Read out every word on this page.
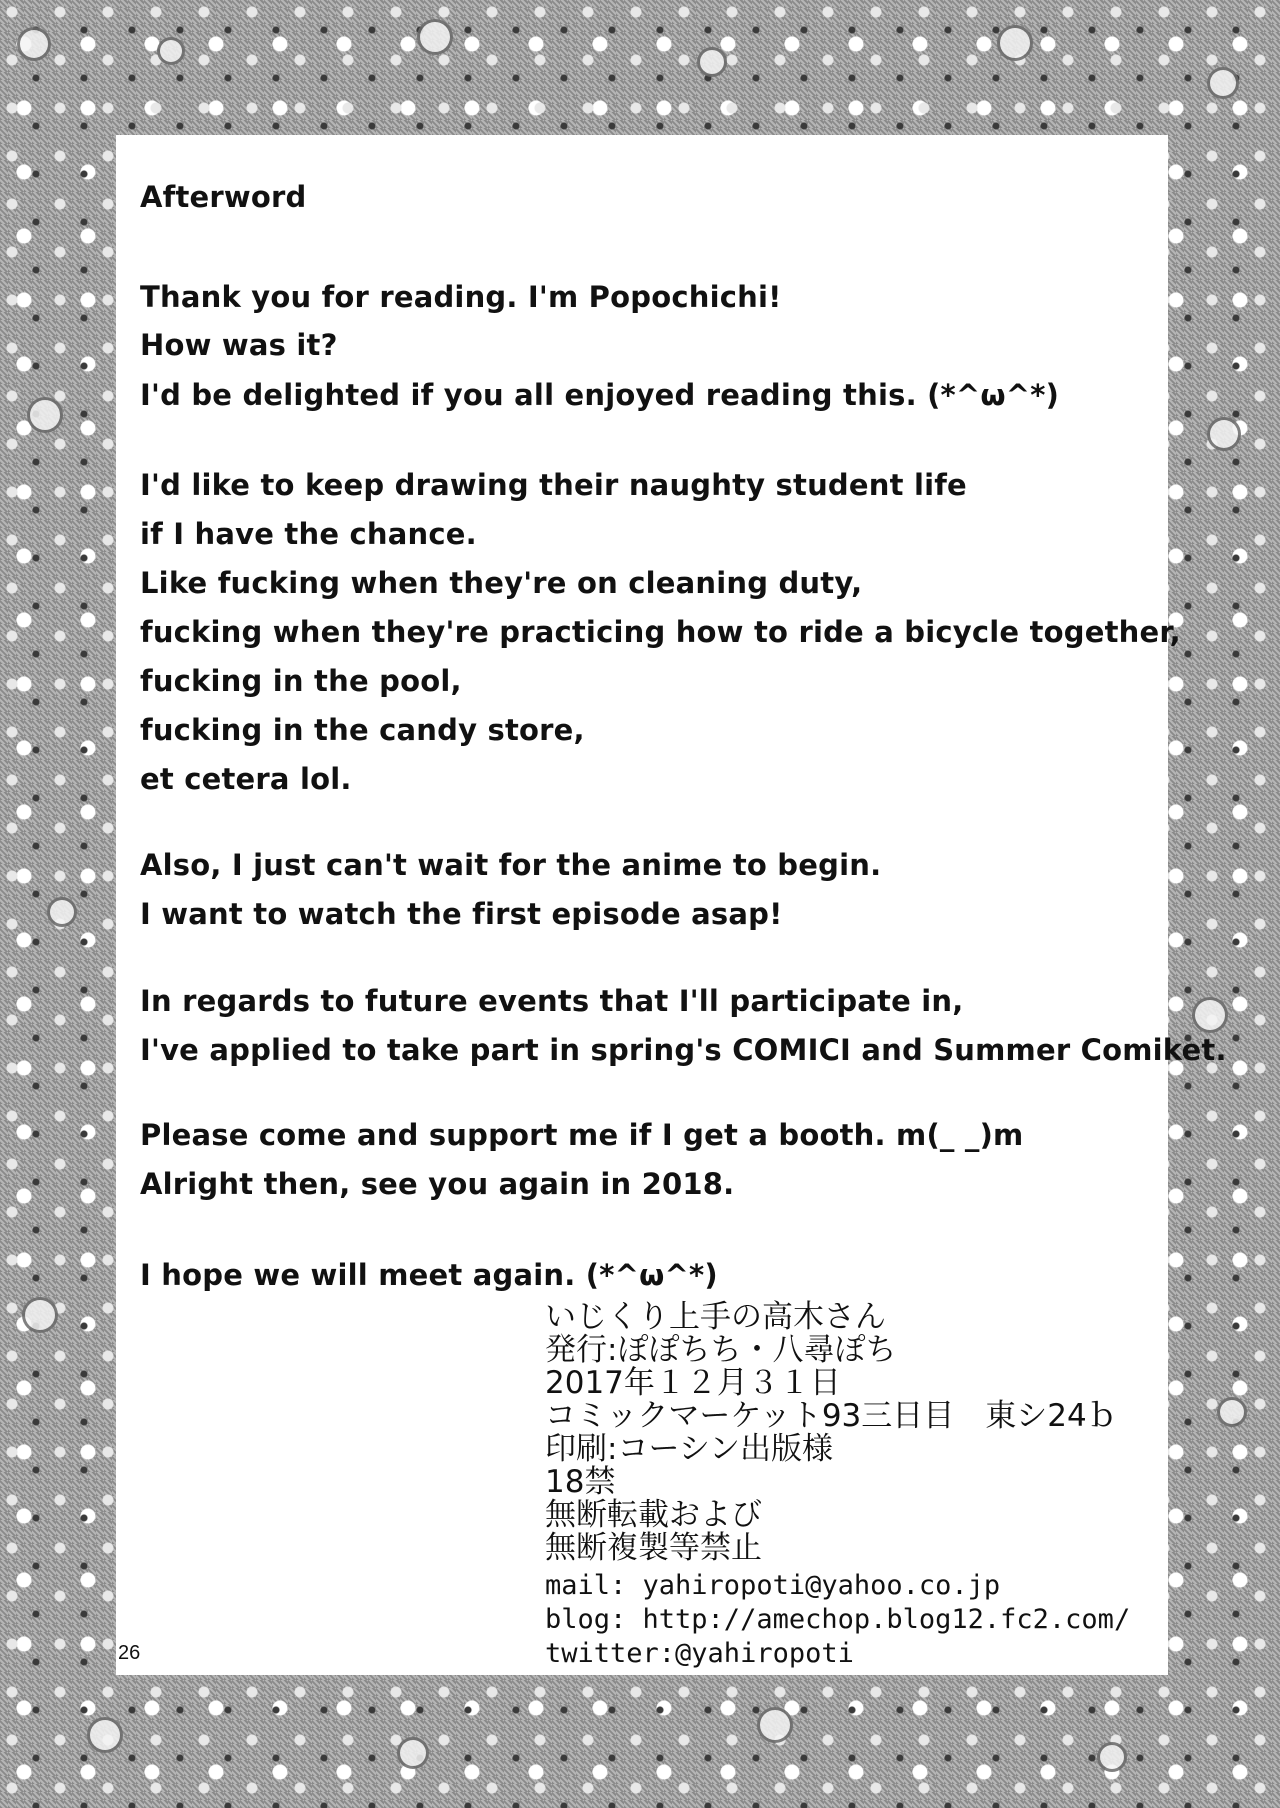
Afterword
Thank you for reading. I'm Popochichi!
How was it?
I'd be delighted if you all enjoyed reading this. (*^ω^*)
I'd like to keep drawing their naughty student life
if I have the chance.
Like fucking when they're on cleaning duty,
fucking when they're practicing how to ride a bicycle together,
fucking in the pool,
fucking in the candy store,
et cetera lol.
Also, I just can't wait for the anime to begin.
I want to watch the first episode asap!
In regards to future events that I'll participate in,
I've applied to take part in spring's COMICI and Summer Comiket.
Please come and support me if I get a booth. m(_ _)m
Alright then, see you again in 2018.
I hope we will meet again. (*^ω^*)
いじくり上手の高木さん
発行:ぽぽちち・八尋ぽち
2017年１２月３１日
コミックマーケット93三日目　東シ24ｂ
印刷:コーシン出版様
18禁
無断転載および
無断複製等禁止
mail: yahiropoti@yahoo.co.jp
blog: http://amechop.blog12.fc2.com/
twitter:@yahiropoti
26
